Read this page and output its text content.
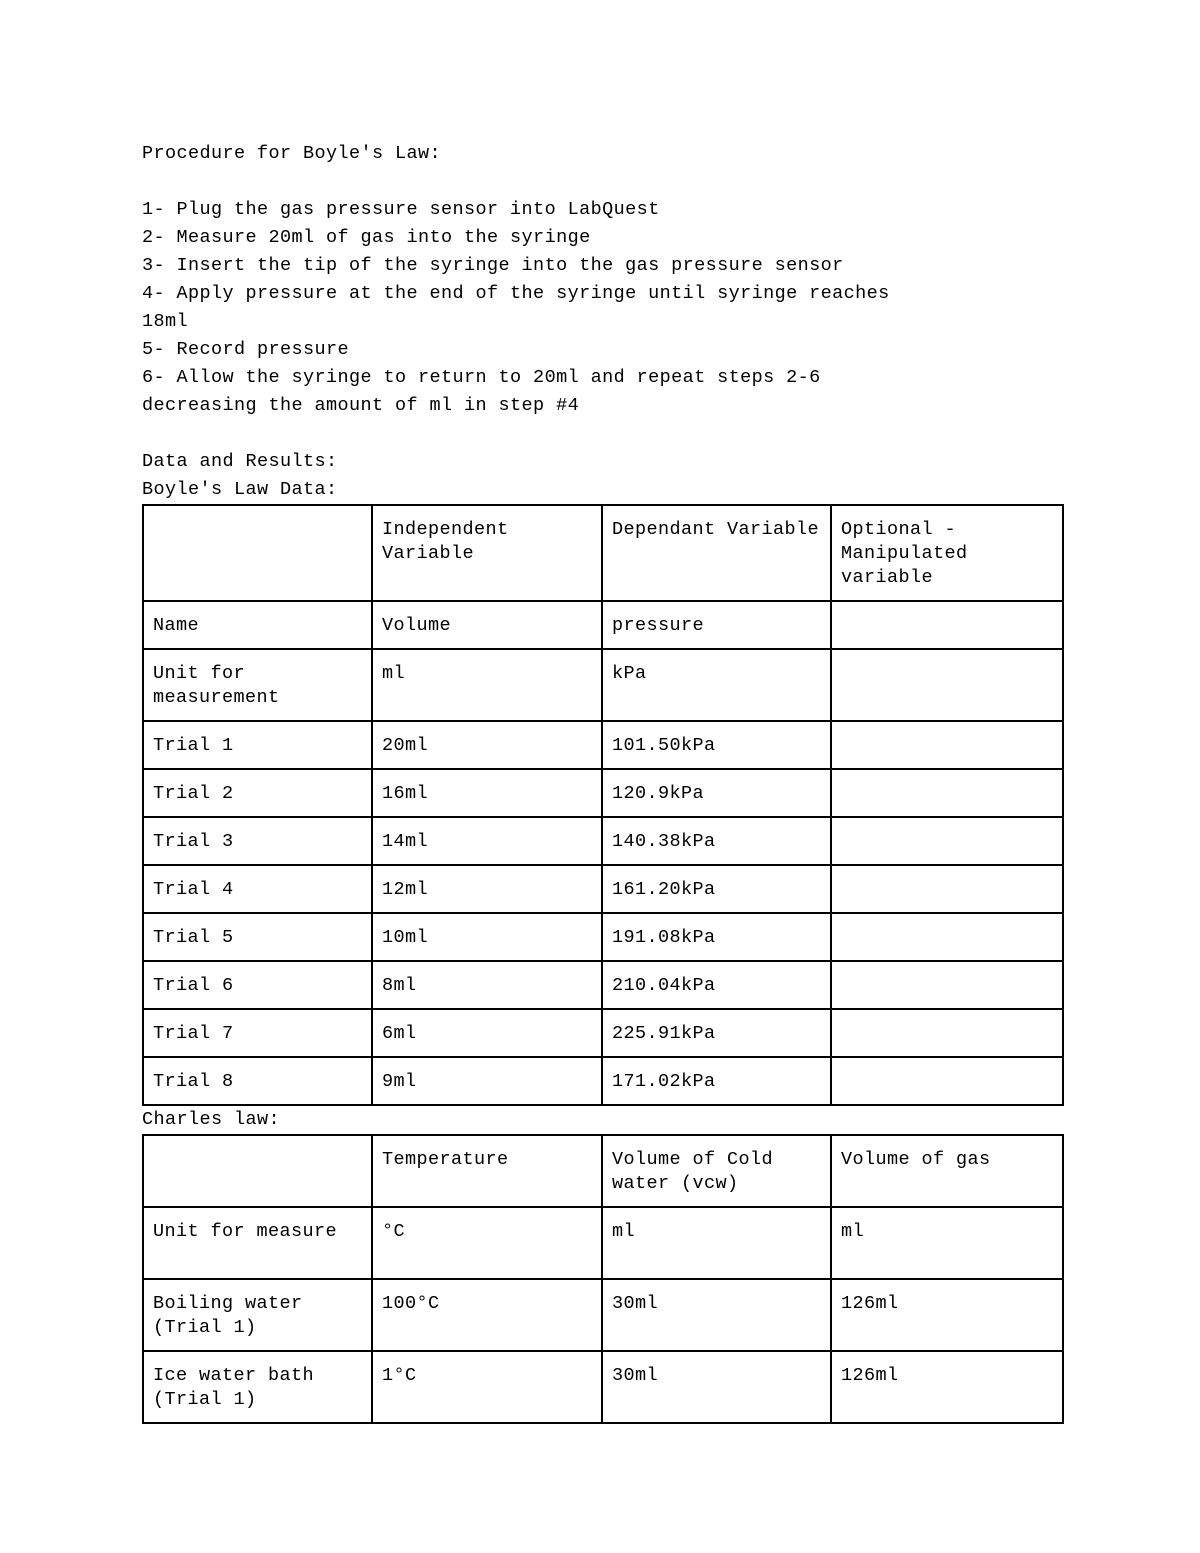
Procedure for Boyle's Law:
1- Plug the gas pressure sensor into LabQuest
2- Measure 20ml of gas into the syringe
3- Insert the tip of the syringe into the gas pressure sensor
4- Apply pressure at the end of the syringe until syringe reaches
18ml
5- Record pressure
6- Allow the syringe to return to 20ml and repeat steps 2-6
decreasing the amount of ml in step #4
Data and Results:
Boyle's Law Data:
	Independent Variable	Dependant Variable	Optional - Manipulated variable
Name	Volume	pressure	
Unit for measurement	ml	kPa	
Trial 1	20ml	101.50kPa	
Trial 2	16ml	120.9kPa	
Trial 3	14ml	140.38kPa	
Trial 4	12ml	161.20kPa	
Trial 5	10ml	191.08kPa	
Trial 6	8ml	210.04kPa	
Trial 7	6ml	225.91kPa	
Trial 8	9ml	171.02kPa	
Charles law:
	Temperature	Volume of Cold water (vcw)	Volume of gas
Unit for measure	°C	ml	ml
Boiling water (Trial 1)	100°C	30ml	126ml
Ice water bath (Trial 1)	1°C	30ml	126ml
